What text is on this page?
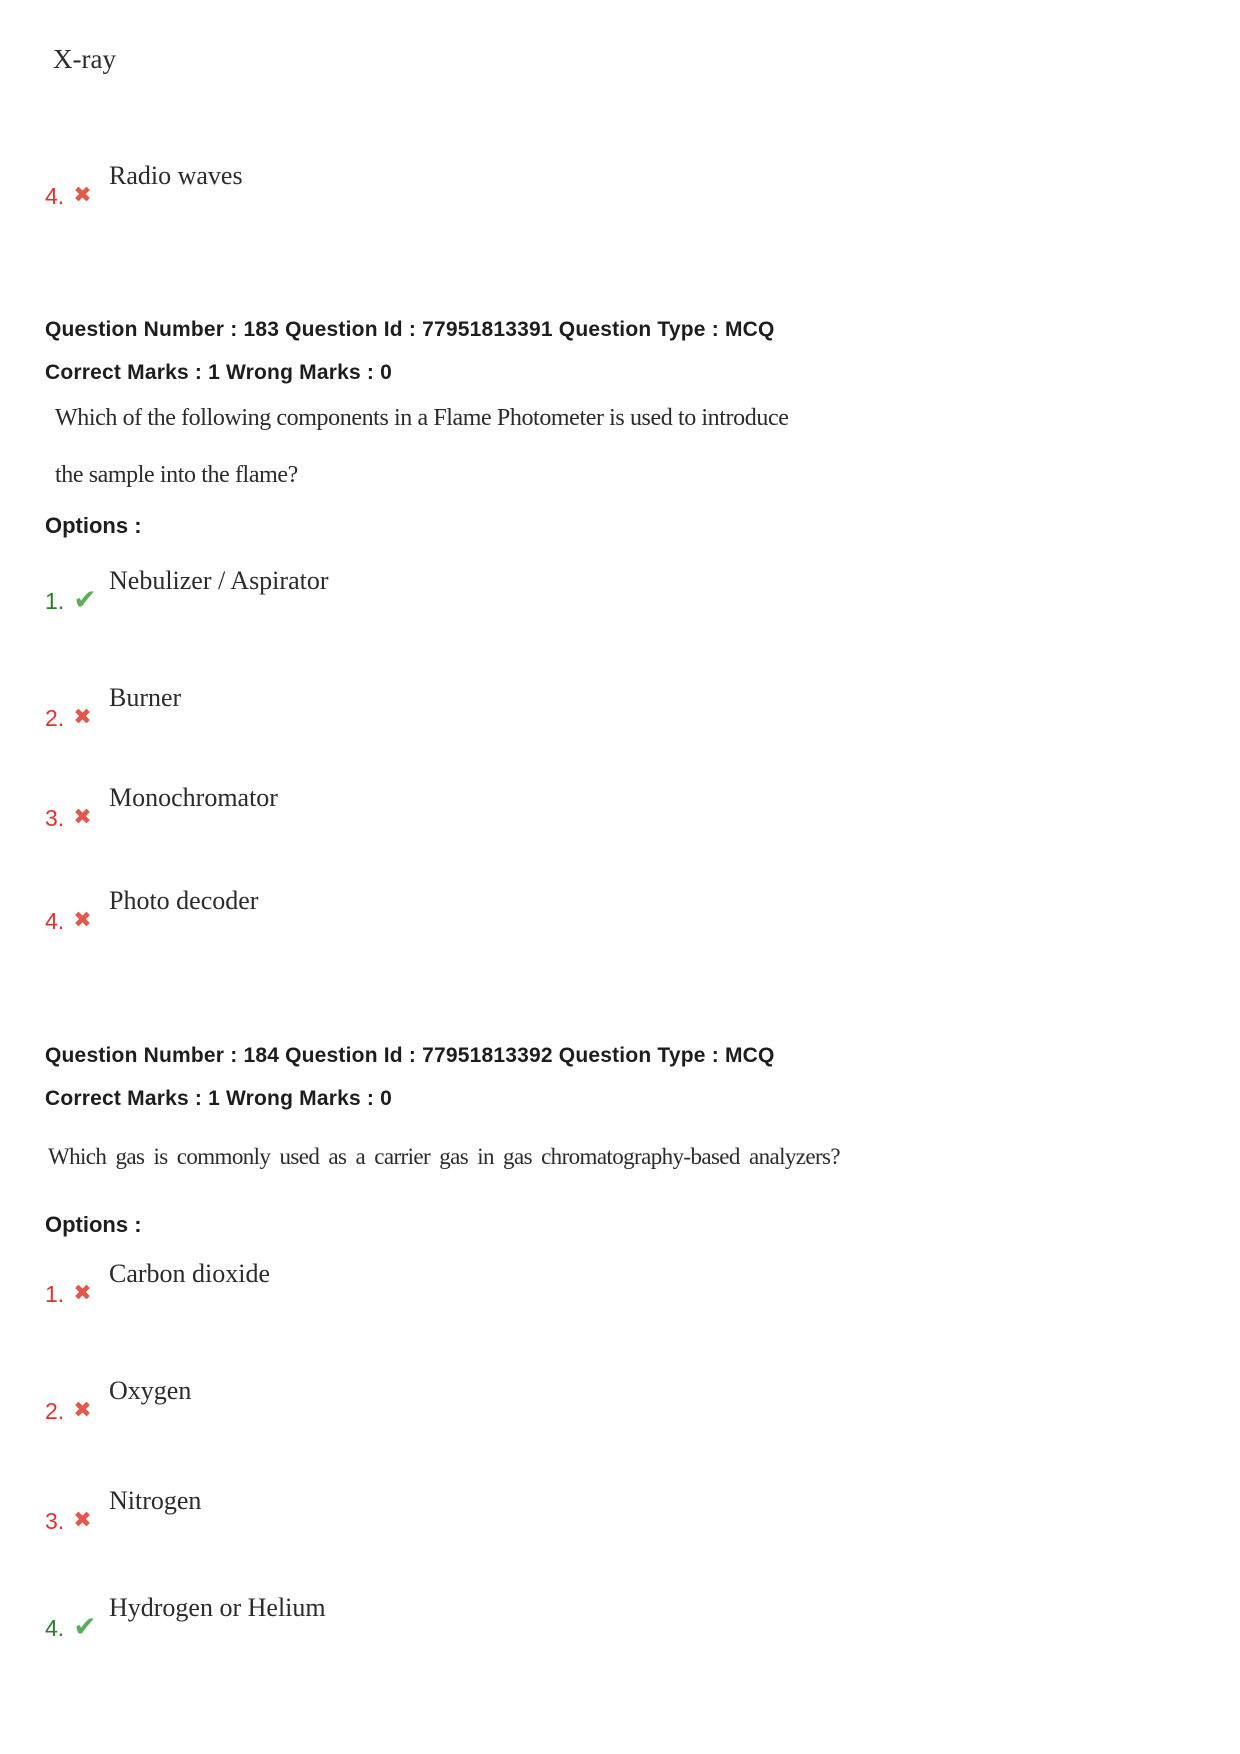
X-ray
4. ✖
Radio waves
Question Number : 183 Question Id : 77951813391 Question Type : MCQ
Correct Marks : 1 Wrong Marks : 0
Which of the following components in a Flame Photometer is used to introduce
the sample into the flame?
Options :
1. ✔
Nebulizer / Aspirator
2. ✖
Burner
3. ✖
Monochromator
4. ✖
Photo decoder
Question Number : 184 Question Id : 77951813392 Question Type : MCQ
Correct Marks : 1 Wrong Marks : 0
Which gas is commonly used as a carrier gas in gas chromatography-based analyzers?
Options :
1. ✖
Carbon dioxide
2. ✖
Oxygen
3. ✖
Nitrogen
4. ✔
Hydrogen or Helium
